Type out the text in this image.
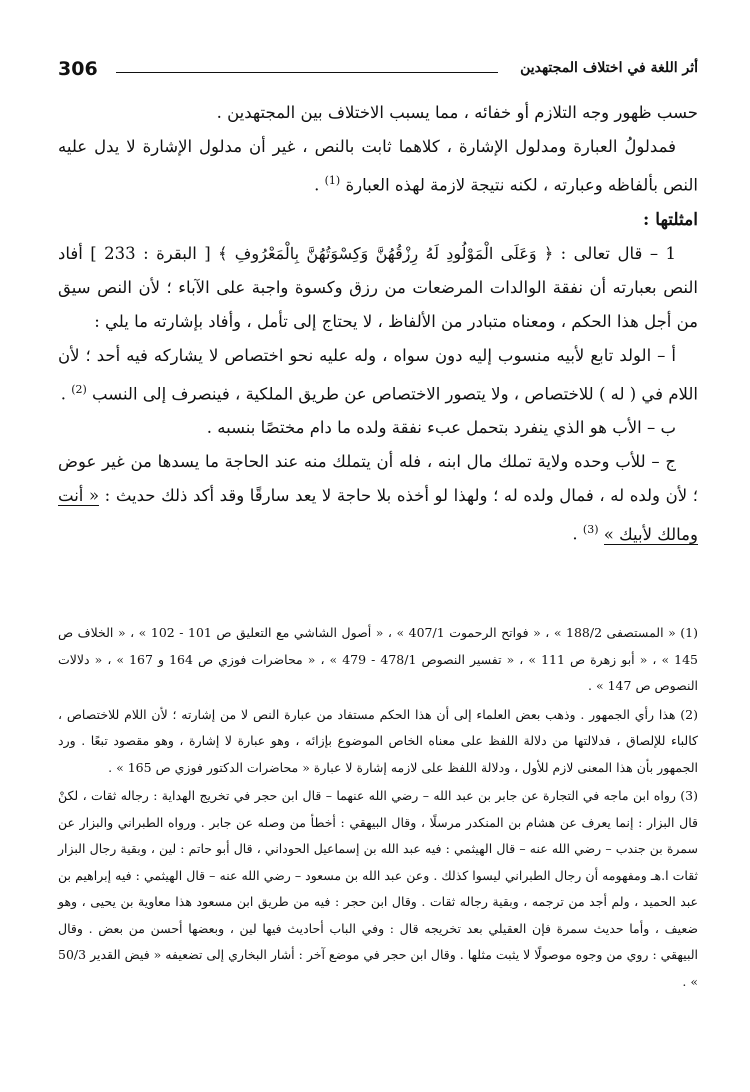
306	أثر اللغة في اختلاف المجتهدين

حسب ظهور وجه التلازم أو خفائه ، مما يسبب الاختلاف بين المجتهدين .

فمدلولُ العبارة ومدلول الإشارة ، كلاهما ثابت بالنص ، غير أن مدلول الإشارة لا يدل عليه النص بألفاظه وعبارته ، لكنه نتيجة لازمة لهذه العبارة $^{(1)}$ .

امثلتها:

1 – قال تعالى : ﴿ وَعَلَى الْمَوْلُودِ لَهُ رِزْقُهُنَّ وَكِسْوَتُهُنَّ بِالْمَعْرُوفِ ﴾ [ البقرة : 233 ] أفاد النص بعبارته أن نفقة الوالدات المرضعات من رزق وكسوة واجبة على الآباء ؛ لأن النص سيق من أجل هذا الحكم ، ومعناه متبادر من الألفاظ ، لا يحتاج إلى تأمل ، وأفاد بإشارته ما يلي :

أ – الولد تابع لأبيه منسوب إليه دون سواه ، وله عليه نحو اختصاص لا يشاركه فيه أحد ؛ لأن اللام في ( له ) للاختصاص ، ولا يتصور الاختصاص عن طريق الملكية ، فينصرف إلى النسب $^{(2)}$ .

ب – الأب هو الذي ينفرد بتحمل عبء نفقة ولده ما دام مختصًا بنسبه .

ج – للأب وحده ولاية تملك مال ابنه ، فله أن يتملك منه عند الحاجة ما يسدها من غير عوض ؛ لأن ولده له ، فمال ولده له ؛ ولهذا لو أخذه بلا حاجة لا يعد سارقًا وقد أكد ذلك حديث : « أنت ومالك لأبيك » $^{(3)}$ .

(1) « المستصفى 188/2 » ، « فواتح الرحموت 407/1 » ، « أصول الشاشي مع التعليق ص 101 - 102 » ، « الخلاف ص 145 » ، « أبو زهرة ص 111 » ، « تفسير النصوص 478/1 - 479 » ، « محاضرات فوزي ص 164 و 167 » ، « دلالات النصوص ص 147 » .

(2) هذا رأي الجمهور . وذهب بعض العلماء إلى أن هذا الحكم مستفاد من عبارة النص لا من إشارته ؛ لأن اللام للاختصاص ، كالباء للإلصاق ، فدلالتها من دلالة اللفظ على معناه الخاص الموضوع بإزائه ، وهو عبارة لا إشارة ، وهو مقصود تبعًا . ورد الجمهور بأن هذا المعنى لازم للأول ، ودلالة اللفظ على لازمه إشارة لا عبارة « محاضرات الدكتور فوزي ص 165 » .

(3) رواه ابن ماجه في التجارة عن جابر بن عبد الله – رضي الله عنهما – قال ابن حجر في تخريج الهداية : رجاله ثقات ، لكنْ قال البزار : إنما يعرف عن هشام بن المنكدر مرسلًا ، وقال البيهقي : أخطأ من وصله عن جابر . ورواه الطبراني والبزار عن سمرة بن جندب – رضي الله عنه – قال الهيثمي : فيه عبد الله بن إسماعيل الحوداني ، قال أبو حاتم : لين ، وبقية رجال البزار ثقات ا.هـ ومفهومه أن رجال الطبراني ليسوا كذلك . وعن عبد الله بن مسعود – رضي الله عنه – قال الهيثمي : فيه إبراهيم بن عبد الحميد ، ولم أجد من ترجمه ، وبقية رجاله ثقات . وقال ابن حجر : فيه من طريق ابن مسعود هذا معاوية بن يحيى ، وهو ضعيف ، وأما حديث سمرة فإن العقيلي بعد تخريجه قال : وفي الباب أحاديث فيها لين ، وبعضها أحسن من بعض . وقال البيهقي : روي من وجوه موصولًا لا يثبت مثلها . وقال ابن حجر في موضع آخر : أشار البخاري إلى تضعيفه « فيض القدير 50/3 » .
